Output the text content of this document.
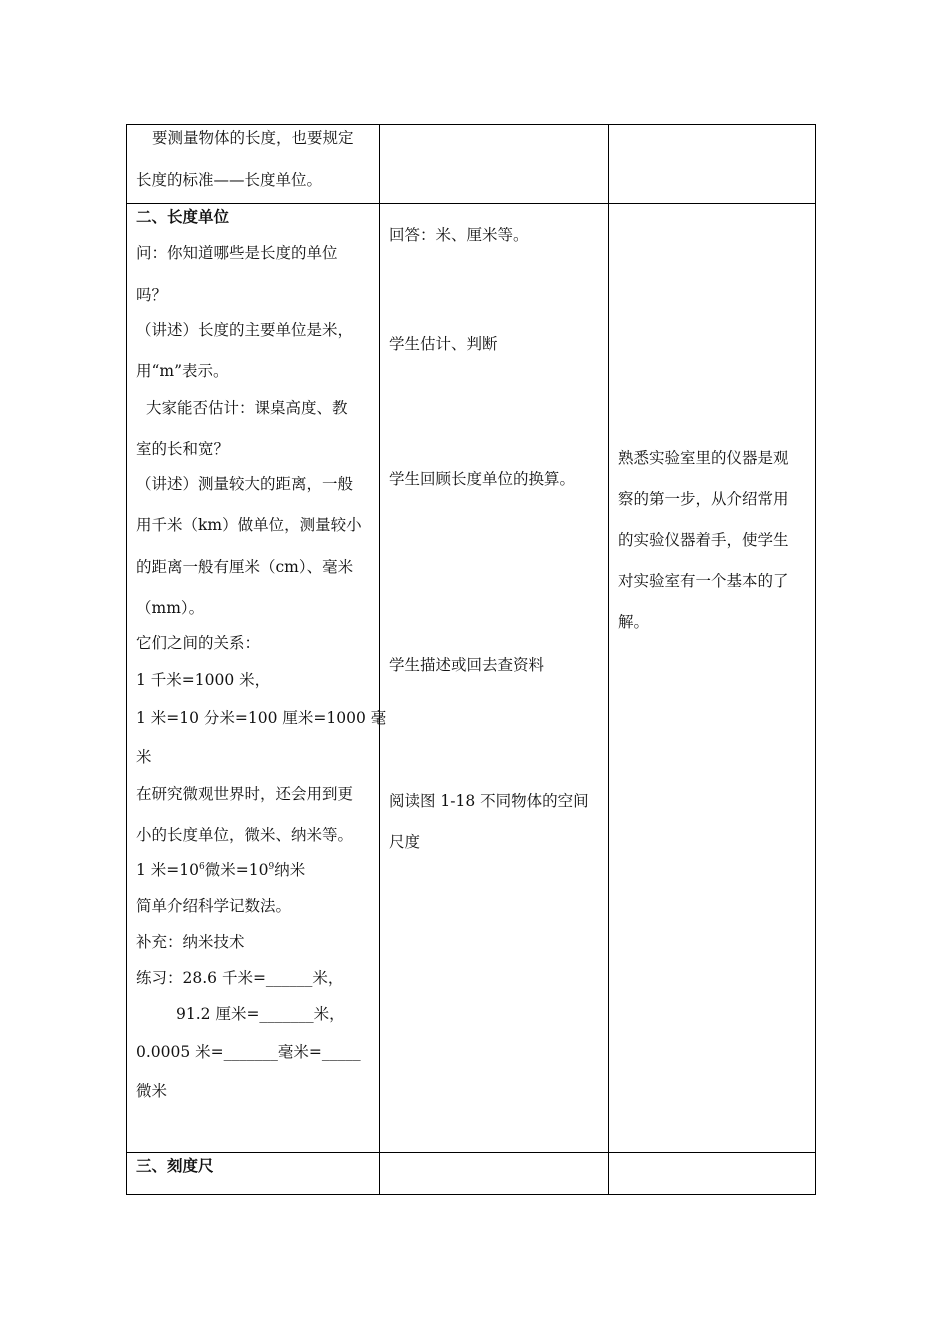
要测量物体的长度，也要规定
长度的标准——长度单位。
二、长度单位
问：你知道哪些是长度的单位
吗？
（讲述）长度的主要单位是米，
用“m”表示。
大家能否估计：课桌高度、教
室的长和宽？
（讲述）测量较大的距离，一般
用千米（km）做单位，测量较小
的距离一般有厘米（cm）、毫米
（mm）。
它们之间的关系：
1 千米=1000 米，
1 米=10 分米=100 厘米=1000 毫
米
在研究微观世界时，还会用到更
小的长度单位，微米、纳米等。
1 米$=10^6$微米$=10^9$纳米
简单介绍科学记数法。
补充：纳米技术
练习：28.6 千米=______米，
91.2 厘米=_______米，
0.0005 米=_______毫米=_____
微米
回答：米、厘米等。
学生估计、判断
学生回顾长度单位的换算。
学生描述或回去查资料
阅读图 1-18 不同物体的空间
尺度
熟悉实验室里的仪器是观
察的第一步，从介绍常用
的实验仪器着手，使学生
对实验室有一个基本的了
解。
三、刻度尺
